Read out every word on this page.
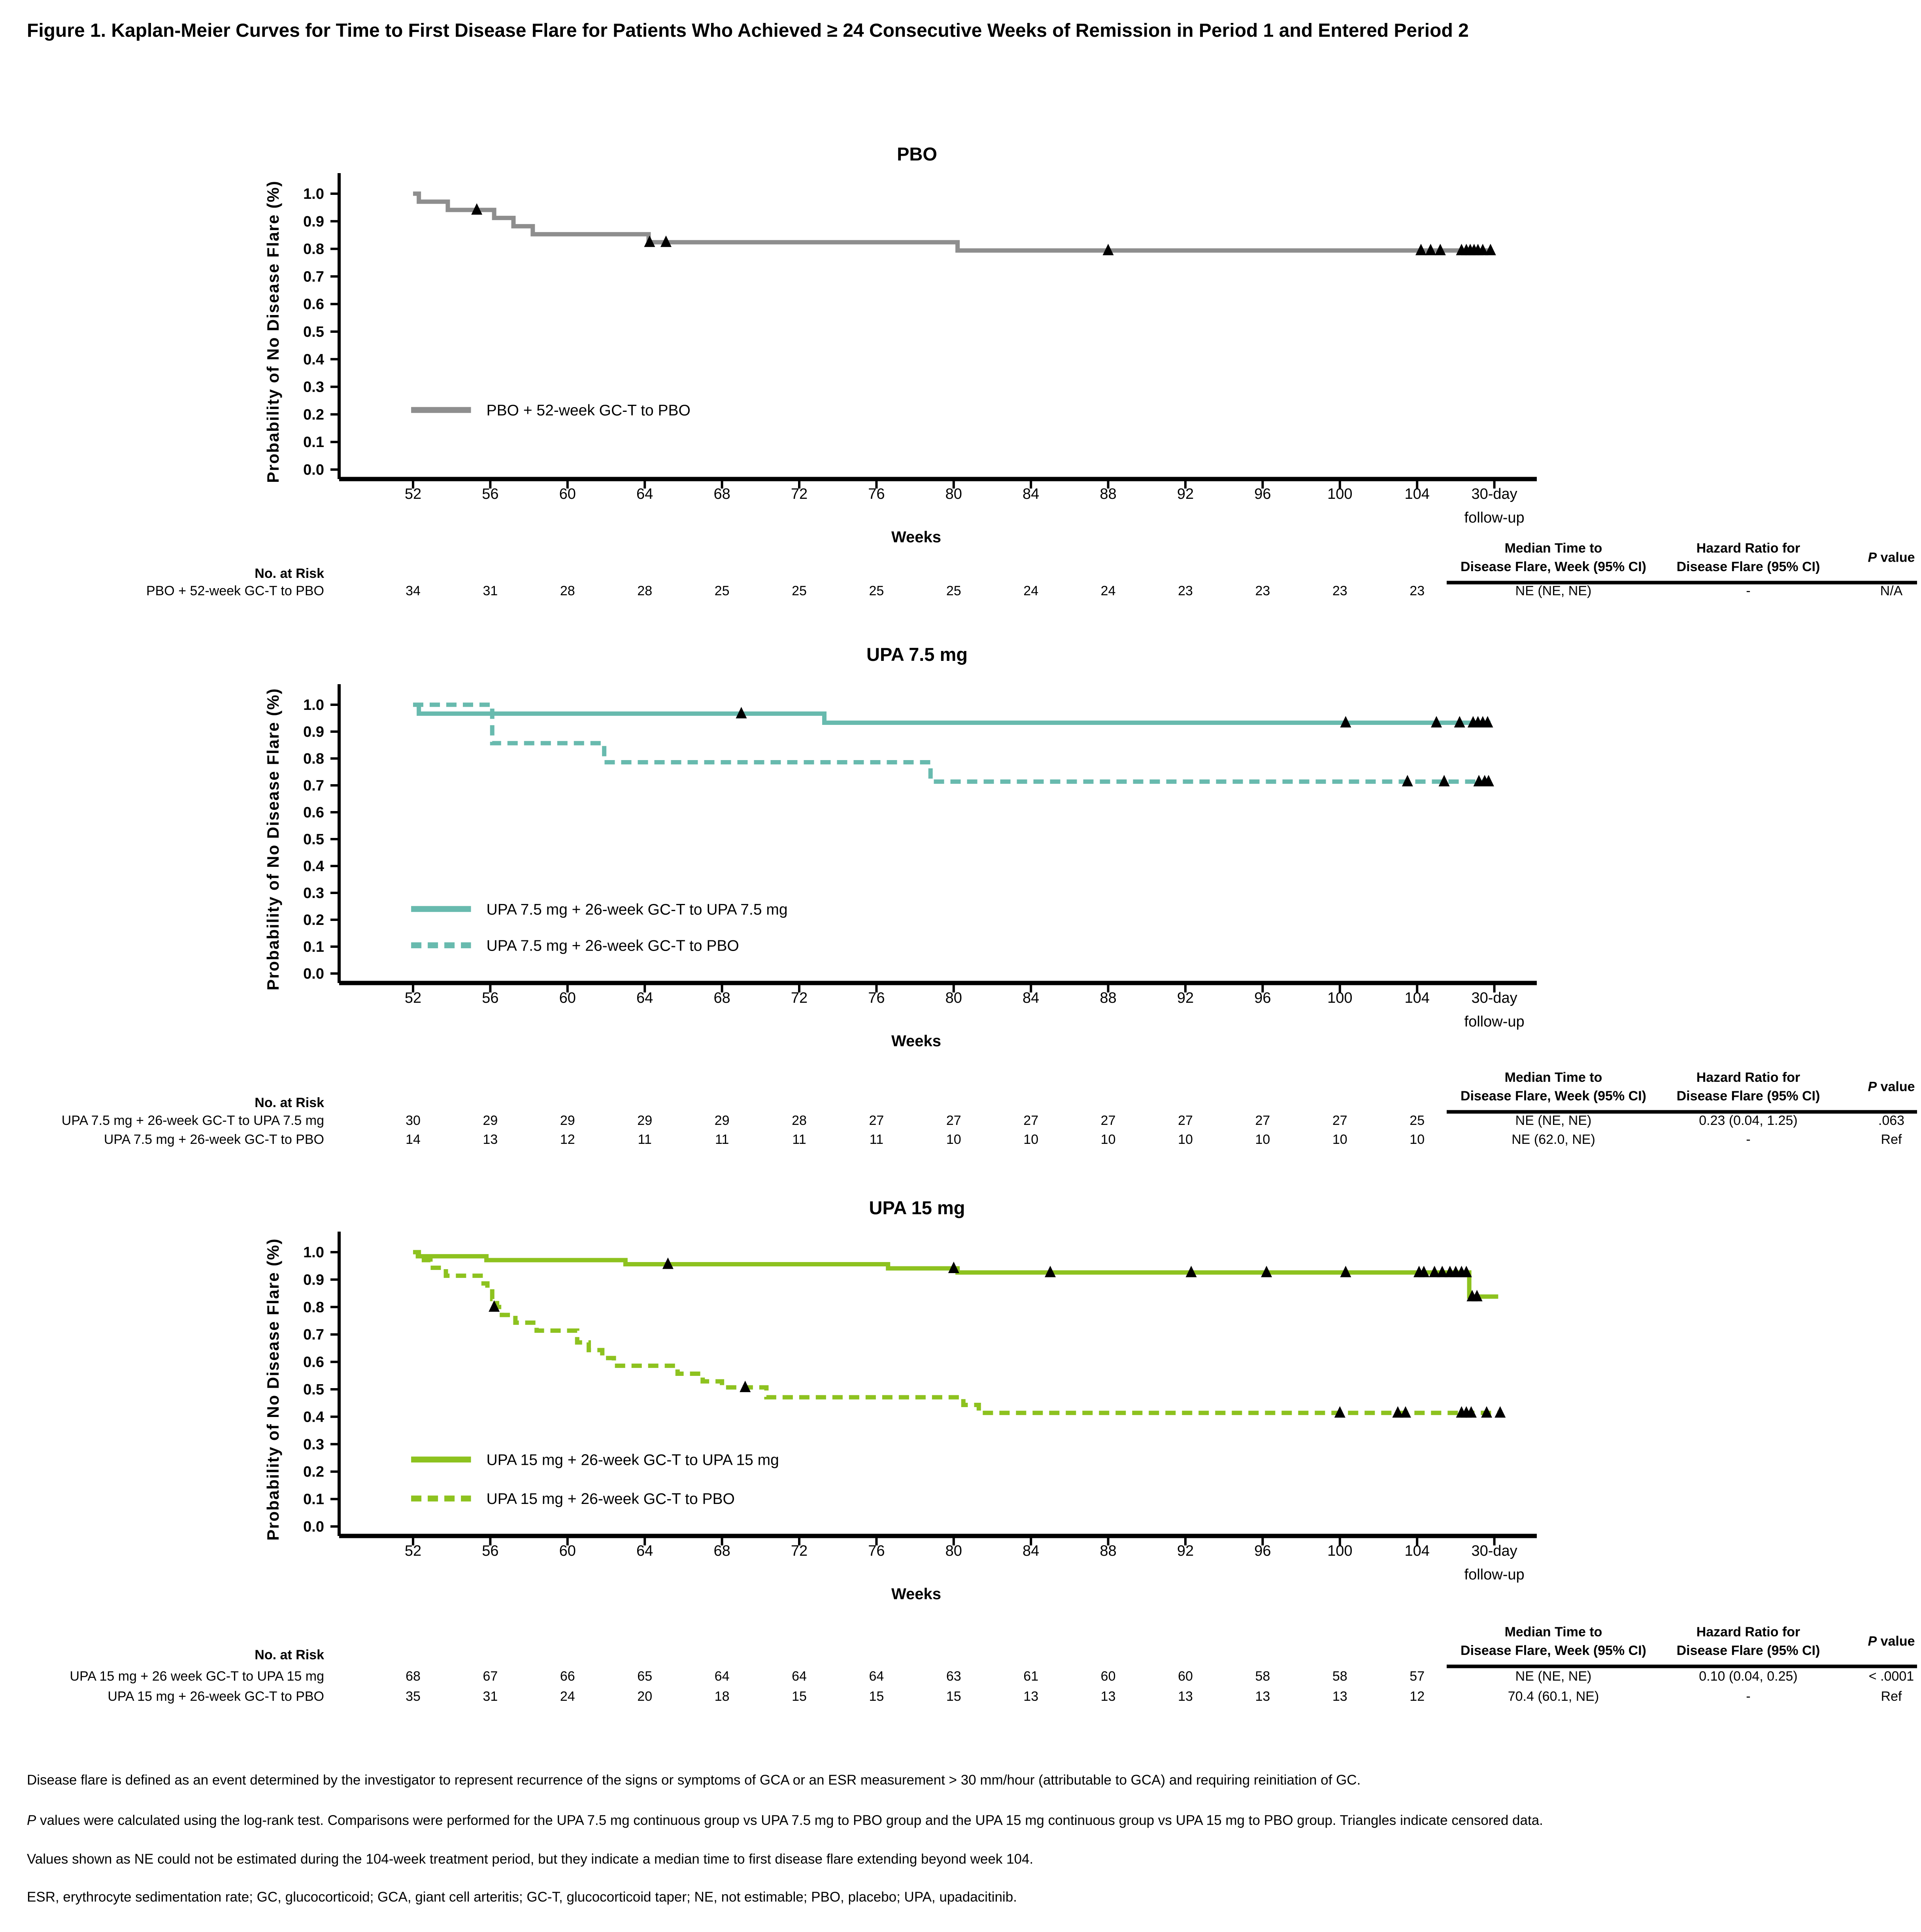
Figure 1. Kaplan-Meier Curves for Time to First Disease Flare for Patients Who Achieved ≥ 24 Consecutive Weeks of Remission in Period 1 and Entered Period 2
PBO
UPA 7.5 mg
UPA 15 mg
1.0
0.9
0.8
0.7
0.6
0.5
0.4
0.3
0.2
0.1
0.0
Probability of No Disease Flare (%)
52	56	60	64	68	72	76	80	84	88	92	96	100	104	30-day
follow-up
Weeks
PBO + 52-week GC-T to PBO
No. at Risk
Median Time to
Disease Flare, Week (95% CI)
Hazard Ratio for
Disease Flare (95% CI)
P value
PBO + 52-week GC-T to PBO	34	31	28	28	25	25	25	25	24	24	23	23	23	23	NE (NE, NE)	-	N/A
1.0
0.9
0.8
0.7
0.6
0.5
0.4
0.3
0.2
0.1
0.0
Probability of No Disease Flare (%)
52	56	60	64	68	72	76	80	84	88	92	96	100	104	30-day
follow-up
Weeks
UPA 7.5 mg + 26-week GC-T to UPA 7.5 mg
UPA 7.5 mg + 26-week GC-T to PBO
No. at Risk
Median Time to
Disease Flare, Week (95% CI)
Hazard Ratio for
Disease Flare (95% CI)
P value
UPA 7.5 mg + 26-week GC-T to UPA 7.5 mg	30	29	29	29	29	28	27	27	27	27	27	27	27	25	NE (NE, NE)	0.23 (0.04, 1.25)	.063
UPA 7.5 mg + 26-week GC-T to PBO	14	13	12	11	11	11	11	10	10	10	10	10	10	10	NE (62.0, NE)	-	Ref
1.0
0.9
0.8
0.7
0.6
0.5
0.4
0.3
0.2
0.1
0.0
Probability of No Disease Flare (%)
52	56	60	64	68	72	76	80	84	88	92	96	100	104	30-day
follow-up
Weeks
UPA 15 mg + 26-week GC-T to UPA 15 mg
UPA 15 mg + 26-week GC-T to PBO
No. at Risk
Median Time to
Disease Flare, Week (95% CI)
Hazard Ratio for
Disease Flare (95% CI)
P value
UPA 15 mg + 26 week GC-T to UPA 15 mg	68	67	66	65	64	64	64	63	61	60	60	58	58	57	NE (NE, NE)	0.10 (0.04, 0.25)	< .0001
UPA 15 mg + 26-week GC-T to PBO	35	31	24	20	18	15	15	15	13	13	13	13	13	12	70.4 (60.1, NE)	-	Ref
Disease flare is defined as an event determined by the investigator to represent recurrence of the signs or symptoms of GCA or an ESR measurement > 30 mm/hour (attributable to GCA) and requiring reinitiation of GC.
P values were calculated using the log-rank test. Comparisons were performed for the UPA 7.5 mg continuous group vs UPA 7.5 mg to PBO group and the UPA 15 mg continuous group vs UPA 15 mg to PBO group. Triangles indicate censored data.
Values shown as NE could not be estimated during the 104-week treatment period, but they indicate a median time to first disease flare extending beyond week 104.
ESR, erythrocyte sedimentation rate; GC, glucocorticoid; GCA, giant cell arteritis; GC-T, glucocorticoid taper; NE, not estimable; PBO, placebo; UPA, upadacitinib.
